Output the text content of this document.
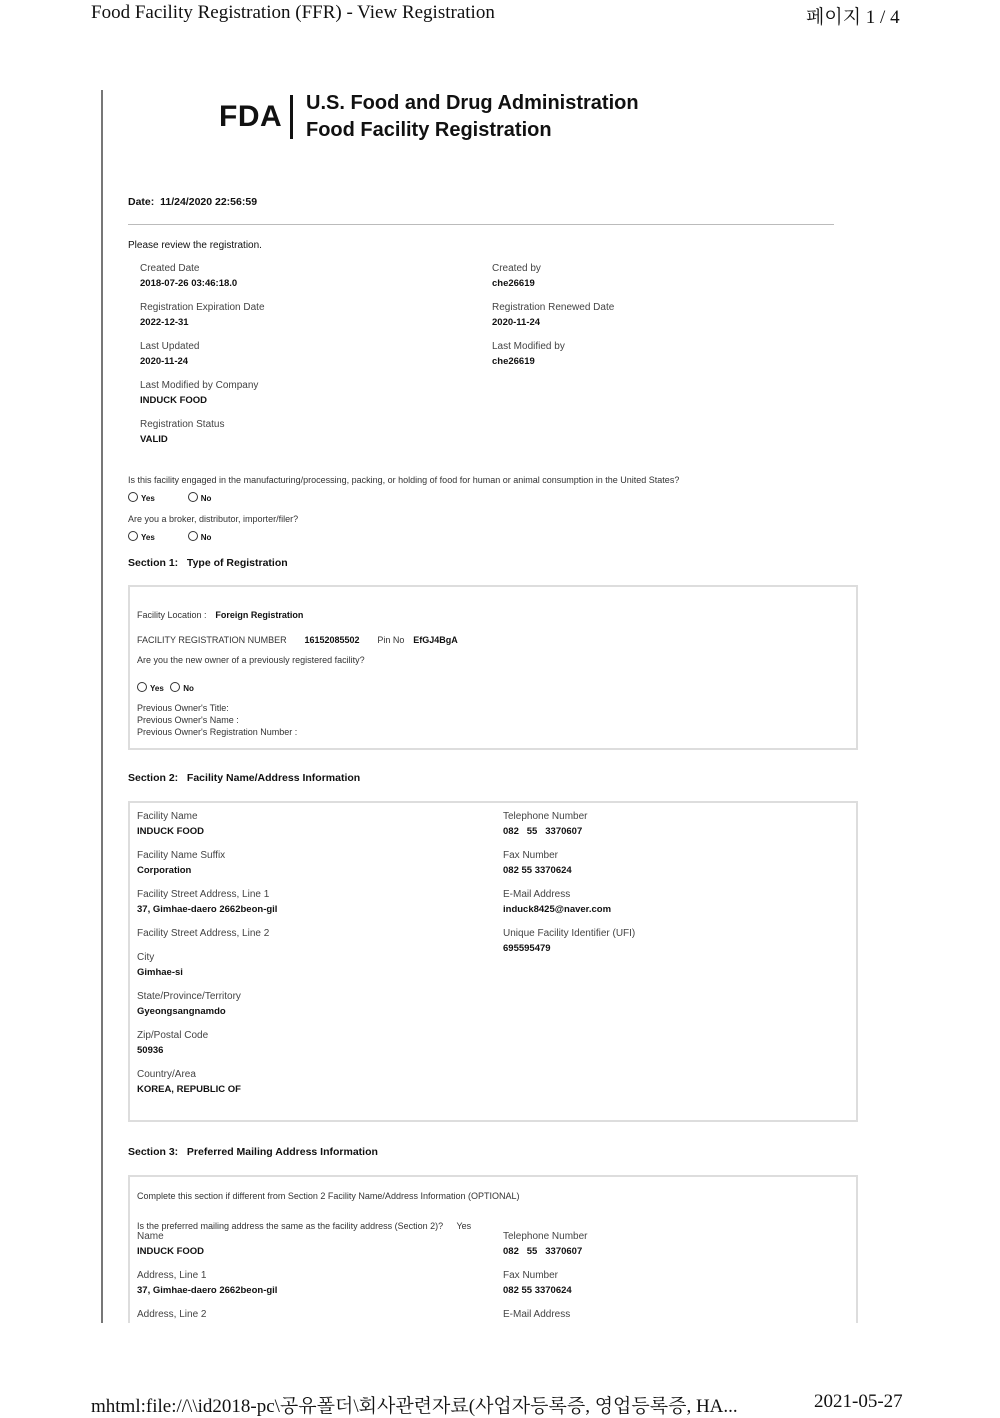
Food Facility Registration (FFR) - View Registration	페이지 1 / 4
mhtml:file://\\id2018-pc\공유폴더\회사관련자료(사업자등록증, 영업등록증, HA...	2021-05-27
FDA U.S. Food and Drug Administration
Food Facility Registration
Date: 11/24/2020 22:56:59
Please review the registration.
Created Date
2018-07-26 03:46:18.0
Created by
che26619
Registration Expiration Date
2022-12-31
Registration Renewed Date
2020-11-24
Last Updated
2020-11-24
Last Modified by
che26619
Last Modified by Company
INDUCK FOOD
Registration Status
VALID
Is this facility engaged in the manufacturing/processing, packing, or holding of food for human or animal consumption in the United States?
Yes	No
Are you a broker, distributor, importer/filer?
Yes	No
Section 1:   Type of Registration
Facility Location : Foreign Registration
FACILITY REGISTRATION NUMBER 16152085502 Pin No EfGJ4BgA
Are you the new owner of a previously registered facility?
Yes No
Previous Owner's Title:
Previous Owner's Name :
Previous Owner's Registration Number :
Section 2:   Facility Name/Address Information
Facility Name
INDUCK FOOD
Facility Name Suffix
Corporation
Facility Street Address, Line 1
37, Gimhae-daero 2662beon-gil
Facility Street Address, Line 2
City
Gimhae-si
State/Province/Territory
Gyeongsangnamdo
Zip/Postal Code
50936
Country/Area
KOREA, REPUBLIC OF
Telephone Number
082   55   3370607
Fax Number
082 55 3370624
E-Mail Address
induck8425@naver.com
Unique Facility Identifier (UFI)
695595479
Section 3:   Preferred Mailing Address Information
Complete this section if different from Section 2 Facility Name/Address Information (OPTIONAL)
Is the preferred mailing address the same as the facility address (Section 2)? Yes
Name
INDUCK FOOD
Address, Line 1
37, Gimhae-daero 2662beon-gil
Address, Line 2
Telephone Number
082   55   3370607
Fax Number
082 55 3370624
E-Mail Address
